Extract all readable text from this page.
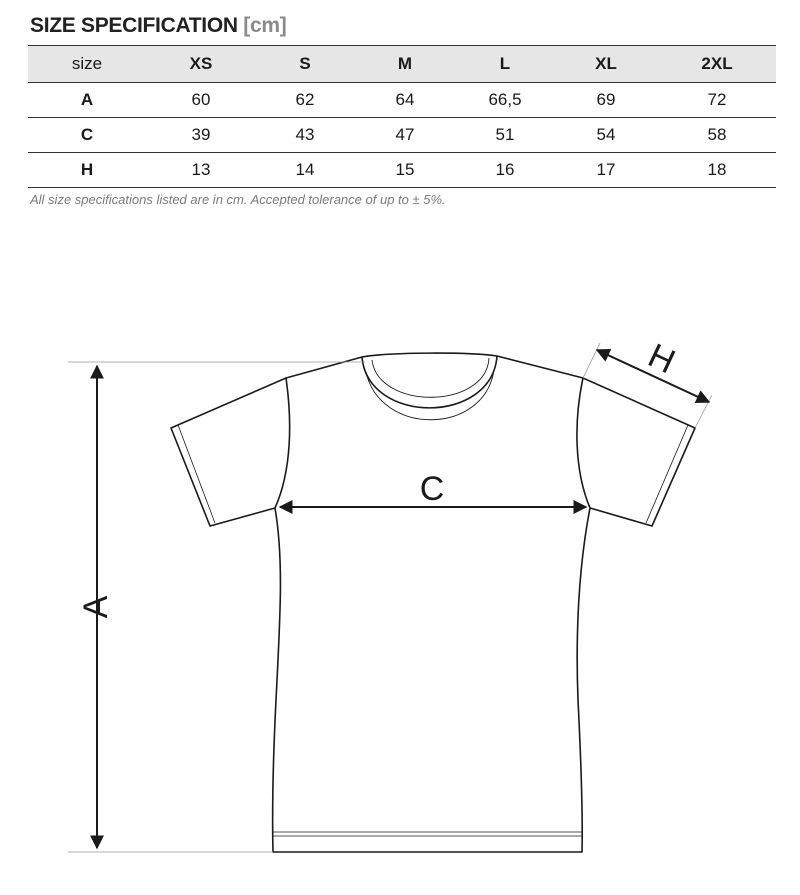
SIZE SPECIFICATION [cm]
size	XS	S	M	L	XL	2XL
A	60	62	64	66,5	69	72
C	39	43	47	51	54	58
H	13	14	15	16	17	18
All size specifications listed are in cm. Accepted tolerance of up to ± 5%.
A
C
H
